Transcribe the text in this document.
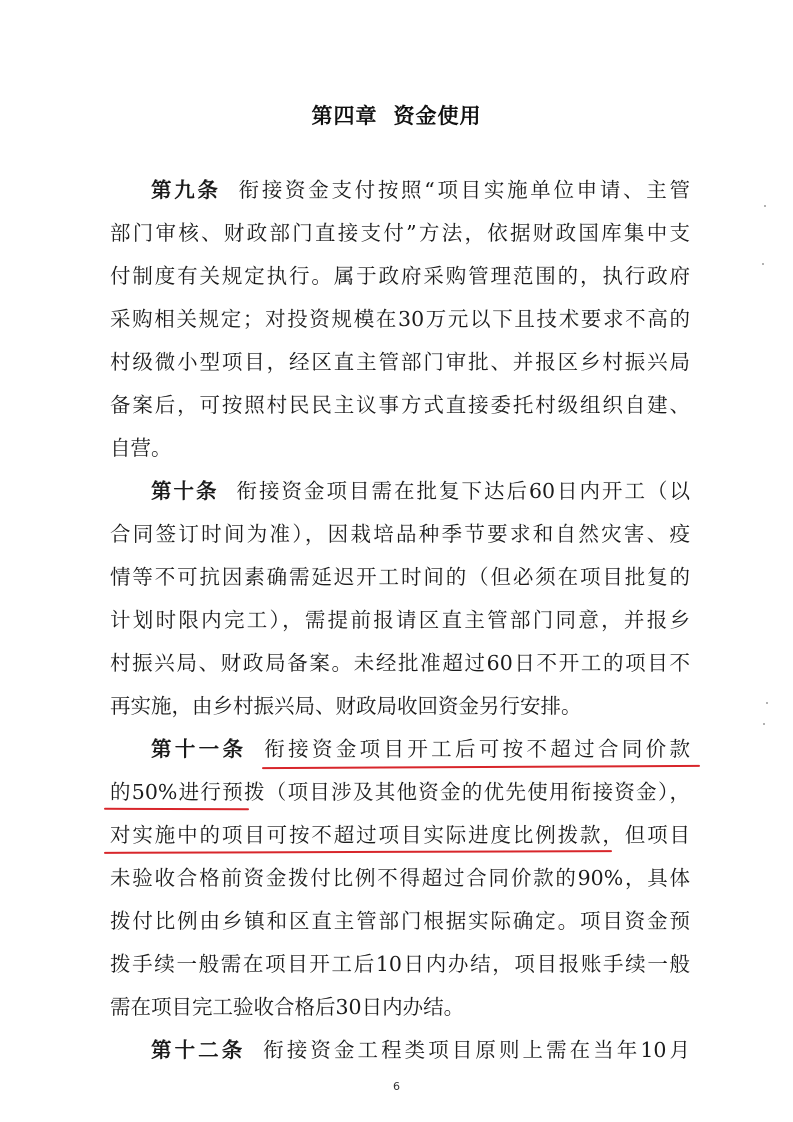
第四章 资金使用
第九条 衔接资金支付按照“项目实施单位申请、主管
部门审核、财政部门直接支付”方法，依据财政国库集中支
付制度有关规定执行。属于政府采购管理范围的，执行政府
采购相关规定；对投资规模在30万元以下且技术要求不高的
村级微小型项目，经区直主管部门审批、并报区乡村振兴局
备案后，可按照村民民主议事方式直接委托村级组织自建、
自营。
第十条 衔接资金项目需在批复下达后60日内开工（以
合同签订时间为准），因栽培品种季节要求和自然灾害、疫
情等不可抗因素确需延迟开工时间的（但必须在项目批复的
计划时限内完工），需提前报请区直主管部门同意，并报乡
村振兴局、财政局备案。未经批准超过60日不开工的项目不
再实施，由乡村振兴局、财政局收回资金另行安排。
第十一条 衔接资金项目开工后可按不超过合同价款
的50%进行预拨（项目涉及其他资金的优先使用衔接资金），
对实施中的项目可按不超过项目实际进度比例拨款，但项目
未验收合格前资金拨付比例不得超过合同价款的90%，具体
拨付比例由乡镇和区直主管部门根据实际确定。项目资金预
拨手续一般需在项目开工后10日内办结，项目报账手续一般
需在项目完工验收合格后30日内办结。
第十二条 衔接资金工程类项目原则上需在当年10月
6
